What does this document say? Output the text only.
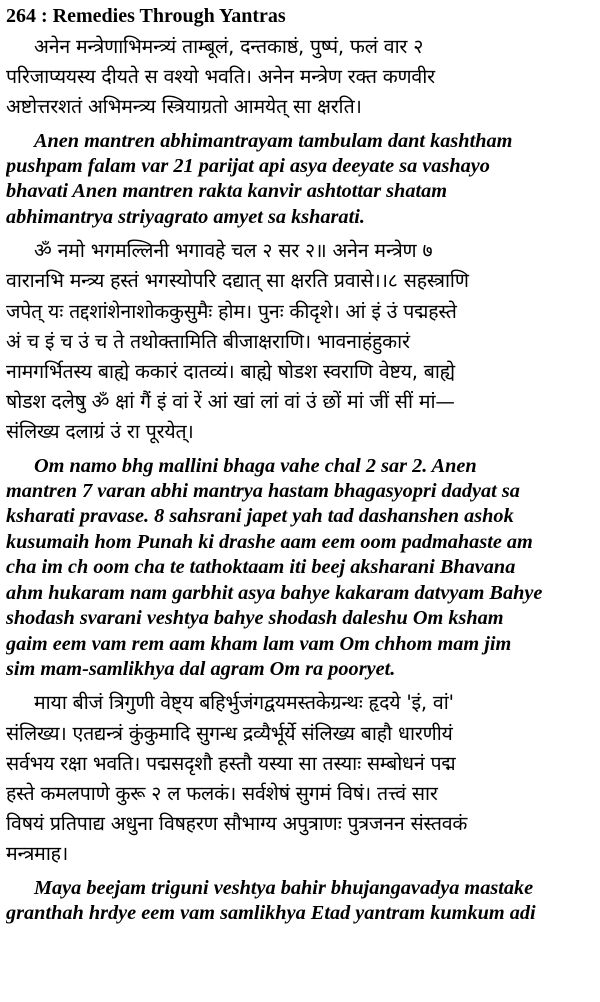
264 : Remedies Through Yantras
अनेन मन्त्रेणाभिमन्त्र्यं ताम्बूलं, दन्तकाष्ठं, पुष्पं, फलं वार २
परिजाप्ययस्य दीयते स वश्यो भवति। अनेन मन्त्रेण रक्त कणवीर
अष्टोत्तरशतं अभिमन्त्र्य स्त्रियाग्रतो आमयेत् सा क्षरति।
Anen mantren abhimantrayam tambulam dant kashtham
pushpam falam var 21 parijat api asya deeyate sa vashayo
bhavati Anen mantren rakta kanvir ashtottar shatam
abhimantrya striyagrato amyet sa ksharati.
ॐ नमो भगमल्लिनी भगावहे चल २ सर २॥ अनेन मन्त्रेण ७
वारानभि मन्त्र्य हस्तं भगस्योपरि दद्यात् सा क्षरति प्रवासे।।८ सहस्त्राणि
जपेत् यः तद्दशांशेनाशोककुसुमैः होम। पुनः कीदृशे। आं इं उं पद्महस्ते
अं च इं च उं च ते तथोक्तामिति बीजाक्षराणि। भावनाहंहुकारं
नामगर्भितस्य बाह्ये ककारं दातव्यं। बाह्ये षोडश स्वराणि वेष्टय, बाह्ये
षोडश दलेषु ॐ क्षां गैं इं वां रें आं खां लां वां उं छों मां जीं सीं मां—
संलिख्य दलाग्रं उं रा पूरयेत्।
Om namo bhg mallini bhaga vahe chal 2 sar 2. Anen
mantren 7 varan abhi mantrya hastam bhagasyopri dadyat sa
ksharati pravase. 8 sahsrani japet yah tad dashanshen ashok
kusumaih hom Punah ki drashe aam eem oom padmahaste am
cha im ch oom cha te tathoktaam iti beej aksharani Bhavana
ahm hukaram nam garbhit asya bahye kakaram datvyam Bahye
shodash svarani veshtya bahye shodash daleshu Om ksham
gaim eem vam rem aam kham lam vam Om chhom mam jim
sim mam-samlikhya dal agram Om ra pooryet.
माया बीजं त्रिगुणी वेष्ट्य बहिर्भुजंगद्वयमस्तकेग्रन्थः हृदये 'इं, वां'
संलिख्य। एतद्यन्त्रं कुंकुमादि सुगन्ध द्रव्यैर्भूर्ये संलिख्य बाहौ धारणीयं
सर्वभय रक्षा भवति। पद्मसदृशौ हस्तौ यस्या सा तस्याः सम्बोधनं पद्म
हस्ते कमलपाणे कुरू २ ल फलकं। सर्वशेषं सुगमं विषं। तत्त्वं सार
विषयं प्रतिपाद्य अधुना विषहरण सौभाग्य अपुत्राणः पुत्रजनन संस्तवकं
मन्त्रमाह।
Maya beejam triguni veshtya bahir bhujangavadya mastake
granthah hrdye eem vam samlikhya Etad yantram kumkum adi
